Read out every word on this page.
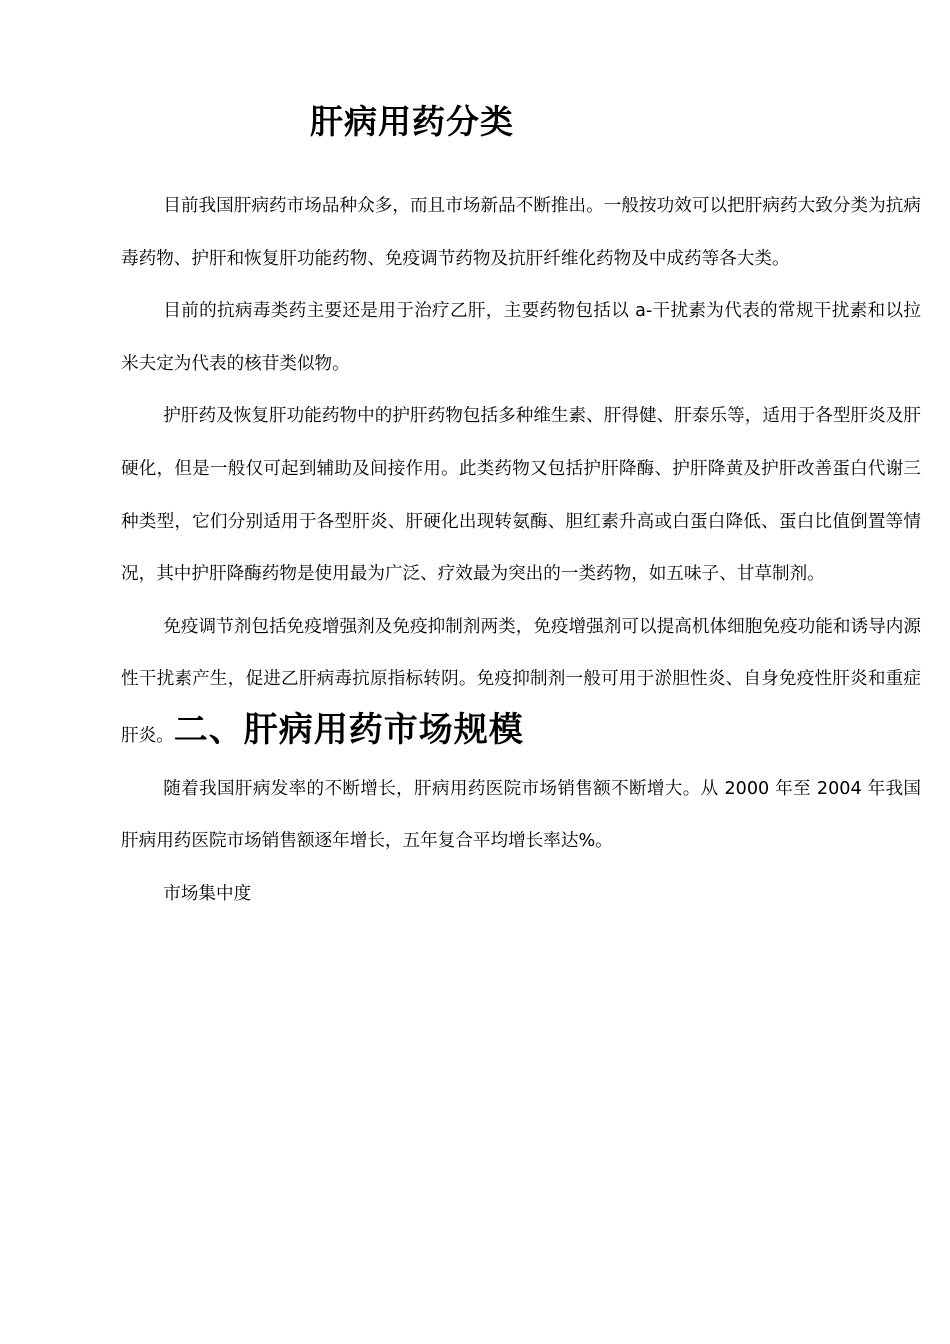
肝病用药分类

目前我国肝病药市场品种众多，而且市场新品不断推出。一般按功效可以把肝病药大致分类为抗病毒药物、护肝和恢复肝功能药物、免疫调节药物及抗肝纤维化药物及中成药等各大类。

目前的抗病毒类药主要还是用于治疗乙肝，主要药物包括以 a-干扰素为代表的常规干扰素和以拉米夫定为代表的核苷类似物。

护肝药及恢复肝功能药物中的护肝药物包括多种维生素、肝得健、肝泰乐等，适用于各型肝炎及肝硬化，但是一般仅可起到辅助及间接作用。此类药物又包括护肝降酶、护肝降黄及护肝改善蛋白代谢三种类型，它们分别适用于各型肝炎、肝硬化出现转氨酶、胆红素升高或白蛋白降低、蛋白比值倒置等情况，其中护肝降酶药物是使用最为广泛、疗效最为突出的一类药物，如五味子、甘草制剂。

免疫调节剂包括免疫增强剂及免疫抑制剂两类，免疫增强剂可以提高机体细胞免疫功能和诱导内源性干扰素产生，促进乙肝病毒抗原指标转阴。免疫抑制剂一般可用于淤胆性炎、自身免疫性肝炎和重症肝炎。二、肝病用药市场规模

随着我国肝病发率的不断增长，肝病用药医院市场销售额不断增大。从 2000 年至 2004 年我国肝病用药医院市场销售额逐年增长，五年复合平均增长率达%。

市场集中度
